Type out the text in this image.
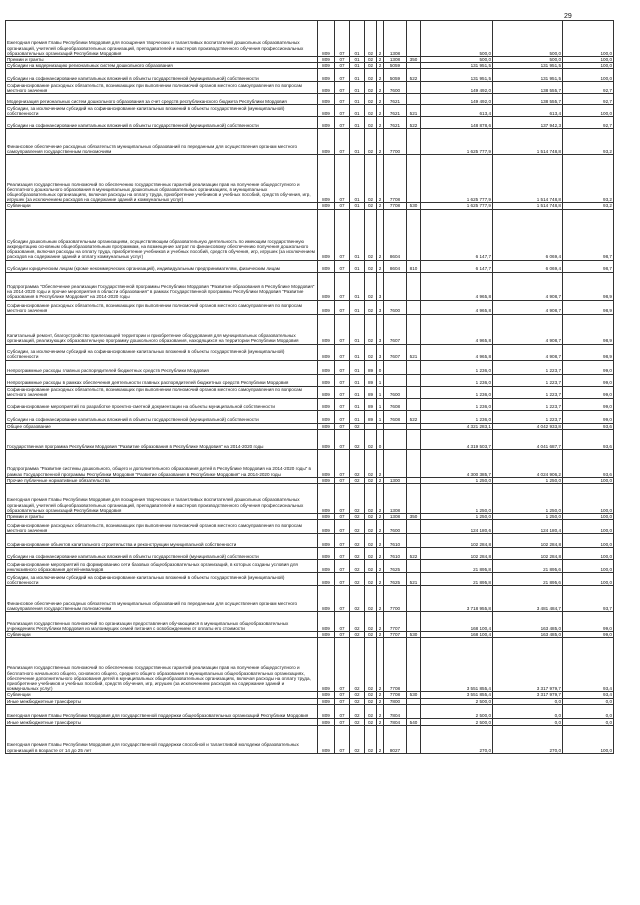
29
Ежегодная премия Главы Республики Мордовия для поощрения творческих и талантливых воспитателей дошкольных образовательных организаций, учителей общеобразовательных организаций, преподавателей и мастеров производственного обучения профессиональных образовательных организаций Республики Мордовия	809	07	01	02	2	1308		500,0	500,0	100,0
Премии и гранты	809	07	01	02	2	1308	350	500,0	500,0	100,0
Субсидии на модернизацию региональных систем дошкольного образования	809	07	01	02	2	5059		131 951,5	131 951,5	100,0
Субсидии на софинансирование капитальных вложений в объекты государственной (муниципальной) собственности	809	07	01	02	2	5059	522	131 951,5	131 951,5	100,0
Софинансирование расходных обязательств, возникающих при выполнении полномочий органов местного самоуправления по вопросам местного значения	809	07	01	02	2	7600		149 492,0	138 555,7	92,7
Модернизация региональных систем дошкольного образования за счет средств республиканского бюджета Республики Мордовия	809	07	01	02	2	7621		149 492,0	138 555,7	92,7
Субсидии, за исключением субсидий на софинансирование капитальных вложений в объекты государственной (муниципальной) собственности	809	07	01	02	2	7621	521	613,4	613,4	100,0
Субсидии на софинансирование капитальных вложений в объекты государственной (муниципальной) собственности	809	07	01	02	2	7621	522	148 878,6	137 942,3	92,7
Финансовое обеспечение расходных обязательств муниципальных образований по переданным для осуществления органам местного самоуправления государственным полномочиям	809	07	01	02	2	7700		1 625 777,9	1 514 748,8	93,2
Реализация государственных полномочий по обеспечению государственных гарантий реализации прав на получение общедоступного и бесплатного дошкольного образования в муниципальных дошкольных образовательных организациях, в муниципальных общеобразовательных организациях, включая расходы на оплату труда, приобретение учебников и учебных пособий, средств обучения, игр, игрушек (за исключением расходов на содержание зданий и коммунальных услуг)	809	07	01	02	2	7708		1 625 777,9	1 514 748,8	93,2
Субвенции	809	07	01	02	2	7708	530	1 625 777,9	1 514 748,8	93,2
Субсидии дошкольным образовательным организациям, осуществляющим образовательную деятельность по имеющим государственную аккредитацию основным общеобразовательным программам, на возмещение затрат по финансовому обеспечению получения дошкольного образования, включая расходы на оплату труда, приобретение учебников и учебных пособий, средств обучения, игр, игрушек (за исключением расходов на содержание зданий и оплату коммунальных услуг)	809	07	01	02	2	8604		6 147,7	6 069,4	98,7
Субсидии юридическим лицам (кроме некоммерческих организаций), индивидуальным предпринимателям, физическим лицам	809	07	01	02	2	8604	810	6 147,7	6 069,4	98,7
Подпрограмма "Обеспечение реализации Государственной программы Республики Мордовия "Развитие образования в Республике Мордовия" на 2014-2020 годы и прочие мероприятия в области образования" в рамках Государственной программы Республики Мордовия "Развитие образования в Республике Мордовия" на 2014-2020 годы	809	07	01	02	3			4 965,8	4 908,7	98,9
Софинансирование расходных обязательств, возникающих при выполнении полномочий органов местного самоуправления по вопросам местного значения	809	07	01	02	3	7600		4 965,8	4 908,7	98,9
Капитальный ремонт, благоустройство прилегающей территории и приобретение оборудования для муниципальных образовательных организаций, реализующих образовательную программу дошкольного образования, находящихся на территории Республики Мордовия	809	07	01	02	3	7607		4 965,8	4 908,7	98,9
Субсидии, за исключением субсидий на софинансирование капитальных вложений в объекты государственной (муниципальной) собственности	809	07	01	02	3	7607	521	4 965,8	4 908,7	98,9
Непрограммные расходы главных распорядителей бюджетных средств Республики Мордовия	809	07	01	89	0			1 236,0	1 223,7	99,0
Непрограммные расходы в рамках обеспечения деятельности главных распорядителей бюджетных средств Республики Мордовия	809	07	01	89	1			1 236,0	1 223,7	99,0
Софинансирование расходных обязательств, возникающих при выполнении полномочий органов местного самоуправления по вопросам местного значения	809	07	01	89	1	7600		1 236,0	1 223,7	99,0
Софинансирование мероприятий по разработке проектно-сметной документации на объекты муниципальной собственности	809	07	01	89	1	7608		1 236,0	1 223,7	99,0
Субсидии на софинансирование капитальных вложений в объекты государственной (муниципальной) собственности	809	07	01	89	1	7608	522	1 236,0	1 223,7	99,0
Общее образование	809	07	02					4 321 283,1	4 042 933,8	93,6
Государственная программа Республики Мордовия "Развитие образования в Республике Мордовия" на 2014-2020 годы	809	07	02	02	0			4 319 503,7	4 041 687,7	93,6
Подпрограмма "Развитие системы дошкольного, общего и дополнительного образования детей в Республике Мордовия на 2014-2020 годы" в рамках Государственной программы Республики Мордовия "Развитие образования в Республике Мордовия" на 2014-2020 годы	809	07	02	02	2			4 300 385,7	4 024 906,2	93,6
Прочие публичные нормативные обязательства	809	07	02	02	2	1300		1 250,0	1 250,0	100,0
Ежегодная премия Главы Республики Мордовия для поощрения творческих и талантливых воспитателей дошкольных образовательных организаций, учителей общеобразовательных организаций, преподавателей и мастеров производственного обучения профессиональных образовательных организаций Республики Мордовия	809	07	02	02	2	1308		1 250,0	1 250,0	100,0
Премии и гранты	809	07	02	02	2	1308	350	1 250,0	1 250,0	100,0
Софинансирование расходных обязательств, возникающих при выполнении полномочий органов местного самоуправления по вопросам местного значения	809	07	02	02	2	7600		124 180,6	124 180,4	100,0
Софинансирование объектов капитального строительства и реконструкции муниципальной собственности	809	07	02	02	2	7610		102 284,8	102 284,8	100,0
Субсидии на софинансирование капитальных вложений в объекты государственной (муниципальной) собственности	809	07	02	02	2	7610	522	102 284,8	102 284,8	100,0
Софинансирование мероприятий по формированию сети базовых общеобразовательных организаций, в которых созданы условия для инклюзивного образования детей-инвалидов	809	07	02	02	2	7625		21 895,8	21 895,6	100,0
Субсидии, за исключением субсидий на софинансирование капитальных вложений в объекты государственной (муниципальной) собственности	809	07	02	02	2	7625	521	21 895,8	21 895,6	100,0
Финансовое обеспечение расходных обязательств муниципальных образований по переданным для осуществления органам местного самоуправления государственным полномочиям	809	07	02	02	2	7700		3 718 955,8	3 481 484,7	93,7
Реализация государственных полномочий по организации предоставления обучающимся в муниципальных общеобразовательных учреждениях Республики Мордовия из малоимущих семей питания с освобождением от оплаты его стоимости	809	07	02	02	2	7707		168 100,4	163 485,0	99,0
Субвенции	809	07	02	02	2	7707	530	168 100,4	163 485,0	99,0
Реализация государственных полномочий по обеспечению государственных гарантий реализации прав на получение общедоступного и бесплатного начального общего, основного общего, среднего общего образования в муниципальных общеобразовательных организациях, обеспечение дополнительного образования детей в муниципальных общеобразовательных организациях, включая расходы на оплату труда, приобретение учебников и учебных пособий, средств обучения, игр, игрушек (за исключением расходов на содержание зданий и коммунальных услуг)	809	07	02	02	2	7708		3 551 855,4	3 317 979,7	93,4
Субвенции	809	07	02	02	2	7708	530	3 551 855,4	3 317 979,7	93,4
Иные межбюджетные трансферты	809	07	02	02	2	7800		2 500,0	0,0	0,0
Ежегодная премия Главы Республики Мордовия для государственной поддержки общеобразовательных организаций Республики Мордовия	809	07	02	02	2	7804		2 500,0	0,0	0,0
Иные межбюджетные трансферты	809	07	02	02	2	7804	540	2 500,0	0,0	0,0
Ежегодная премия Главы Республики Мордовия для государственной поддержки способной и талантливой молодежи образовательных организаций в возрасте от 14 до 25 лет	809	07	02	02	2	8027		270,0	270,0	100,0
